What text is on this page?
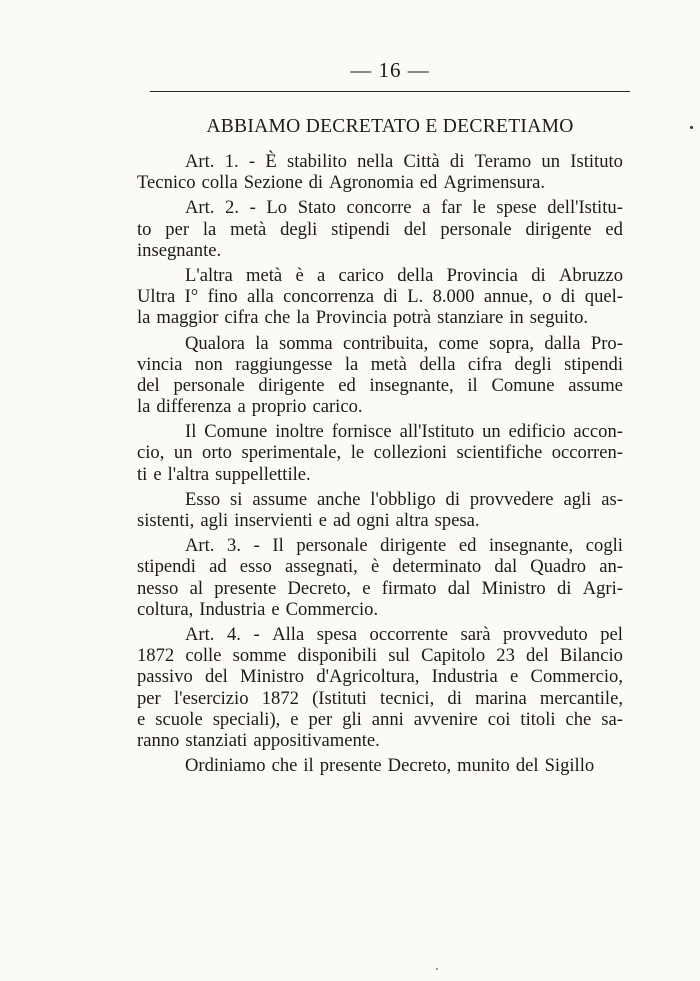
— 16 —
ABBIAMO DECRETATO E DECRETIAMO
Art. 1. - È stabilito nella Città di Teramo un Istituto
Tecnico colla Sezione di Agronomia ed Agrimensura.
Art. 2. - Lo Stato concorre a far le spese dell'Istitu-
to per la metà degli stipendi del personale dirigente ed
insegnante.
L'altra metà è a carico della Provincia di Abruzzo
Ultra I° fino alla concorrenza di L. 8.000 annue, o di quel-
la maggior cifra che la Provincia potrà stanziare in seguito.
Qualora la somma contribuita, come sopra, dalla Pro-
vincia non raggiungesse la metà della cifra degli stipendi
del personale dirigente ed insegnante, il Comune assume
la differenza a proprio carico.
Il Comune inoltre fornisce all'Istituto un edificio accon-
cio, un orto sperimentale, le collezioni scientifiche occorren-
ti e l'altra suppellettile.
Esso si assume anche l'obbligo di provvedere agli as-
sistenti, agli inservienti e ad ogni altra spesa.
Art. 3. - Il personale dirigente ed insegnante, cogli
stipendi ad esso assegnati, è determinato dal Quadro an-
nesso al presente Decreto, e firmato dal Ministro di Agri-
coltura, Industria e Commercio.
Art. 4. - Alla spesa occorrente sarà provveduto pel
1872 colle somme disponibili sul Capitolo 23 del Bilancio
passivo del Ministro d'Agricoltura, Industria e Commercio,
per l'esercizio 1872 (Istituti tecnici, di marina mercantile,
e scuole speciali), e per gli anni avvenire coi titoli che sa-
ranno stanziati appositivamente.
Ordiniamo che il presente Decreto, munito del Sigillo
